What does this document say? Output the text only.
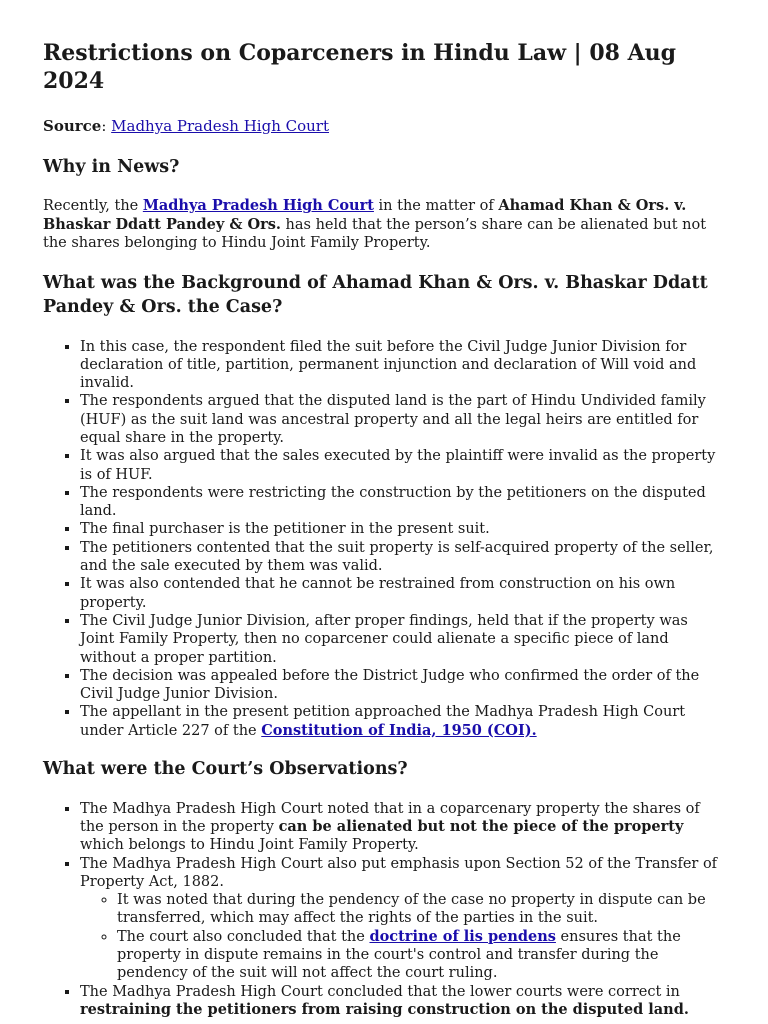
Restrictions on Coparceners in Hindu Law | 08 Aug 2024

Source: Madhya Pradesh High Court

Why in News?

Recently, the Madhya Pradesh High Court in the matter of Ahamad Khan & Ors. v. Bhaskar Ddatt Pandey & Ors. has held that the person’s share can be alienated but not the shares belonging to Hindu Joint Family Property.

What was the Background of Ahamad Khan & Ors. v. Bhaskar Ddatt Pandey & Ors. the Case?
▪ In this case, the respondent filed the suit before the Civil Judge Junior Division for declaration of title, partition, permanent injunction and declaration of Will void and invalid.
▪ The respondents argued that the disputed land is the part of Hindu Undivided family (HUF) as the suit land was ancestral property and all the legal heirs are entitled for equal share in the property.
▪ It was also argued that the sales executed by the plaintiff were invalid as the property is of HUF.
▪ The respondents were restricting the construction by the petitioners on the disputed land.
▪ The final purchaser is the petitioner in the present suit.
▪ The petitioners contented that the suit property is self-acquired property of the seller, and the sale executed by them was valid.
▪ It was also contended that he cannot be restrained from construction on his own property.
▪ The Civil Judge Junior Division, after proper findings, held that if the property was Joint Family Property, then no coparcener could alienate a specific piece of land without a proper partition.
▪ The decision was appealed before the District Judge who confirmed the order of the Civil Judge Junior Division.
▪ The appellant in the present petition approached the Madhya Pradesh High Court under Article 227 of the Constitution of India, 1950 (COI).
What were the Court’s Observations?
▪ The Madhya Pradesh High Court noted that in a coparcenary property the shares of the person in the property can be alienated but not the piece of the property which belongs to Hindu Joint Family Property.
▪ The Madhya Pradesh High Court also put emphasis upon Section 52 of the Transfer of Property Act, 1882.
◦ It was noted that during the pendency of the case no property in dispute can be transferred, which may affect the rights of the parties in the suit.
◦ The court also concluded that the doctrine of lis pendens ensures that the property in dispute remains in the court's control and transfer during the pendency of the suit will not affect the court ruling.
▪ The Madhya Pradesh High Court concluded that the lower courts were correct in restraining the petitioners from raising construction on the disputed land.
